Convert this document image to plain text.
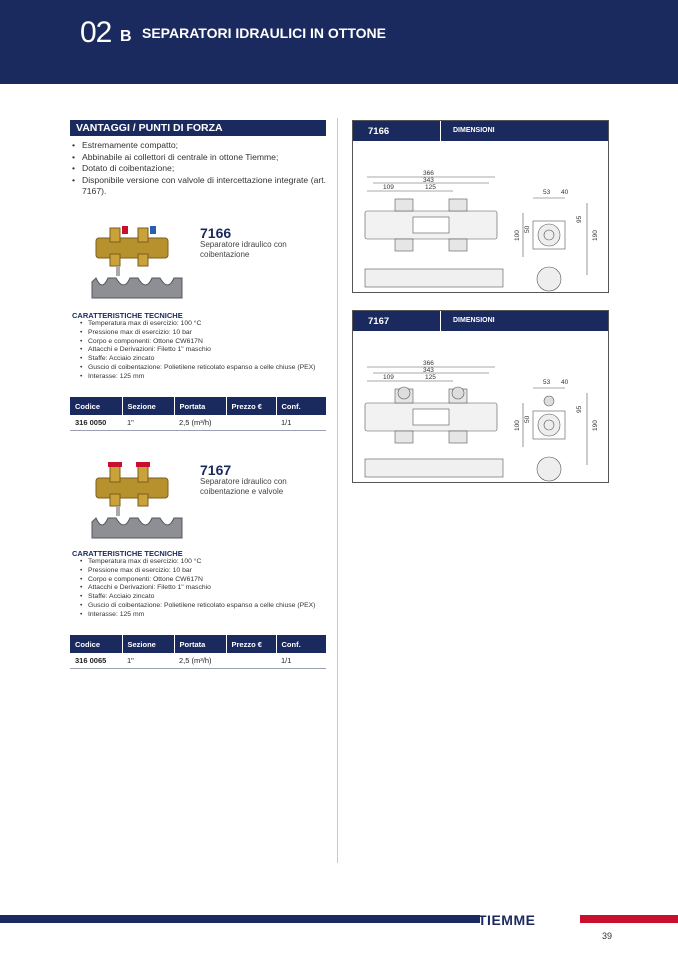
02 B SEPARATORI IDRAULICI IN OTTONE
VANTAGGI / PUNTI DI FORZA
• Estremamente compatto;
• Abbinabile ai collettori di centrale in ottone Tiemme;
• Dotato di coibentazione;
• Disponibile versione con valvole di intercettazione integrate (art. 7167).
7166
Separatore idraulico con coibentazione
CARATTERISTICHE TECNICHE
• Temperatura max di esercizio: 100 °C
• Pressione max di esercizio: 10 bar
• Corpo e componenti: Ottone CW617N
• Attacchi e Derivazioni: Filetto 1" maschio
• Staffe: Acciaio zincato
• Guscio di coibentazione: Polietilene reticolato espanso a celle chiuse (PEX)
• Interasse: 125 mm
Codice	Sezione	Portata	Prezzo €	Conf.
316 0050	1"	2,5 (m³/h)		1/1
7167
Separatore idraulico con coibentazione e valvole
CARATTERISTICHE TECNICHE
• Temperatura max di esercizio: 100 °C
• Pressione max di esercizio: 10 bar
• Corpo e componenti: Ottone CW617N
• Attacchi e Derivazioni: Filetto 1" maschio
• Staffe: Acciaio zincato
• Guscio di coibentazione: Polietilene reticolato espanso a celle chiuse (PEX)
• Interasse: 125 mm
Codice	Sezione	Portata	Prezzo €	Conf.
316 0065	1"	2,5 (m³/h)		1/1
7166	DIMENSIONI
366
343
109	125
53 40
100
50
95
190
7167	DIMENSIONI
366
343
109	125
53 40
100
50
95
190
TIEMME
39
